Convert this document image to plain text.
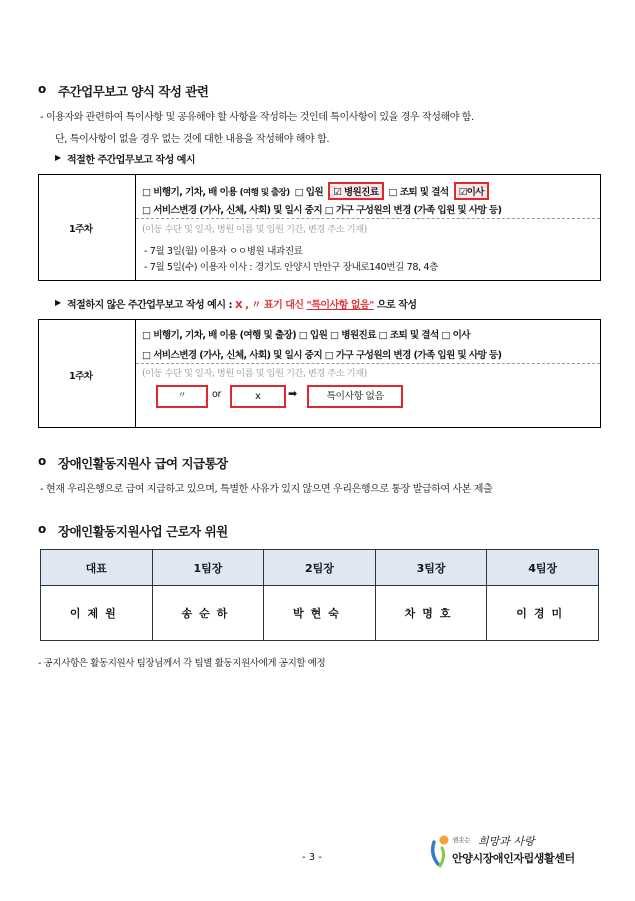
o 주간업무보고 양식 작성 관련
- 이용자와 관련하여 특이사항 및 공유해야 할 사항을 작성하는 것인데 특이사항이 있을 경우 작성해야 함.
단, 특이사항이 없을 경우 없는 것에 대한 내용을 작성해야 해야 함.
▶ 적절한 주간업무보고 작성 예시
1주차
□ 비행기, 기차, 배 이용 (여행 및 출장) □ 입원	☑ 병원진료	□ 조퇴 및 결석	☑이사
□ 서비스변경 (가사, 신체, 사회) 및 일시 중지 □ 가구 구성원의 변경 (가족 입원 및 사망 등)
(이동 수단 및 일자, 병원 이름 및 입원 기간, 변경 주소 기재)
- 7월 3일(월) 이용자 ㅇㅇ병원 내과진료
- 7월 5일(수) 이용자 이사 : 경기도 안양시 만안구 장내로140번길 78, 4층
▶ 적절하지 않은 주간업무보고 작성 예시 : X , 〃 표기 대신 "특이사항 없음" 으로 작성
1주차
□ 비행기, 기차, 배 이용 (여행 및 출장) □ 입원 □ 병원진료 □ 조퇴 및 결석 □ 이사
□ 서비스변경 (가사, 신체, 사회) 및 일시 중지 □ 가구 구성원의 변경 (가족 입원 및 사망 등)
(이동 수단 및 일자, 병원 이름 및 입원 기간, 변경 주소 기재)
〃	or	x	➡	특이사항 없음
o 장애인활동지원사 급여 지급통장
- 현재 우리은행으로 급여 지급하고 있으며, 특별한 사유가 있지 않으면 우리은행으로 통장 발급하여 사본 제출
o 장애인활동지원사업 근로자 위원
대표	1팀장	2팀장	3팀장	4팀장
이제원	송순하	박현숙	차명호	이경미
- 공지사항은 활동지원사 팀장님께서 각 팀별 활동지원사에게 공지할 예정
- 3 -
샘솟는 희망과 사랑
안양시장애인자립생활센터
